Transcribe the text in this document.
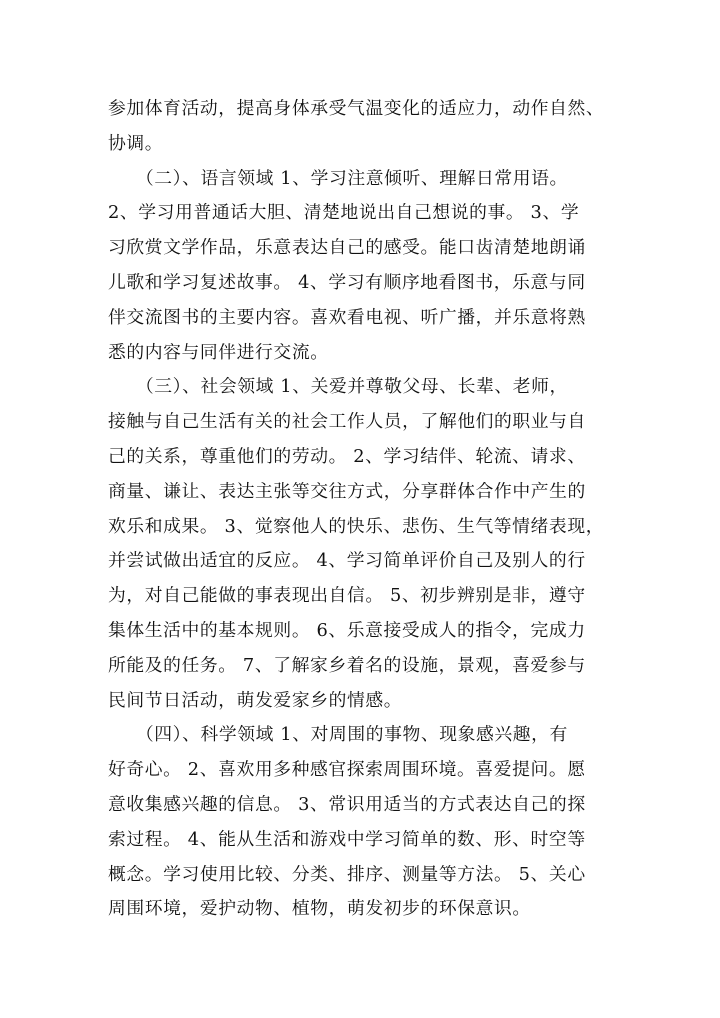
参加体育活动，提高身体承受气温变化的适应力，动作自然、

协调。

　　（二）、语言领域 1、学习注意倾听、理解日常用语。

2、学习用普通话大胆、清楚地说出自己想说的事。 3、学

习欣赏文学作品，乐意表达自己的感受。能口齿清楚地朗诵

儿歌和学习复述故事。 4、学习有顺序地看图书，乐意与同

伴交流图书的主要内容。喜欢看电视、听广播，并乐意将熟

悉的内容与同伴进行交流。

　　（三）、社会领域 1、关爱并尊敬父母、长辈、老师，

接触与自己生活有关的社会工作人员，了解他们的职业与自

己的关系，尊重他们的劳动。 2、学习结伴、轮流、请求、

商量、谦让、表达主张等交往方式，分享群体合作中产生的

欢乐和成果。 3、觉察他人的快乐、悲伤、生气等情绪表现，

并尝试做出适宜的反应。 4、学习简单评价自己及别人的行

为，对自己能做的事表现出自信。 5、初步辨别是非，遵守

集体生活中的基本规则。 6、乐意接受成人的指令，完成力

所能及的任务。 7、了解家乡着名的设施，景观，喜爱参与

民间节日活动，萌发爱家乡的情感。

　　（四）、科学领域 1、对周围的事物、现象感兴趣，有

好奇心。 2、喜欢用多种感官探索周围环境。喜爱提问。愿

意收集感兴趣的信息。 3、常识用适当的方式表达自己的探

索过程。 4、能从生活和游戏中学习简单的数、形、时空等

概念。学习使用比较、分类、排序、测量等方法。 5、关心

周围环境，爱护动物、植物，萌发初步的环保意识。
